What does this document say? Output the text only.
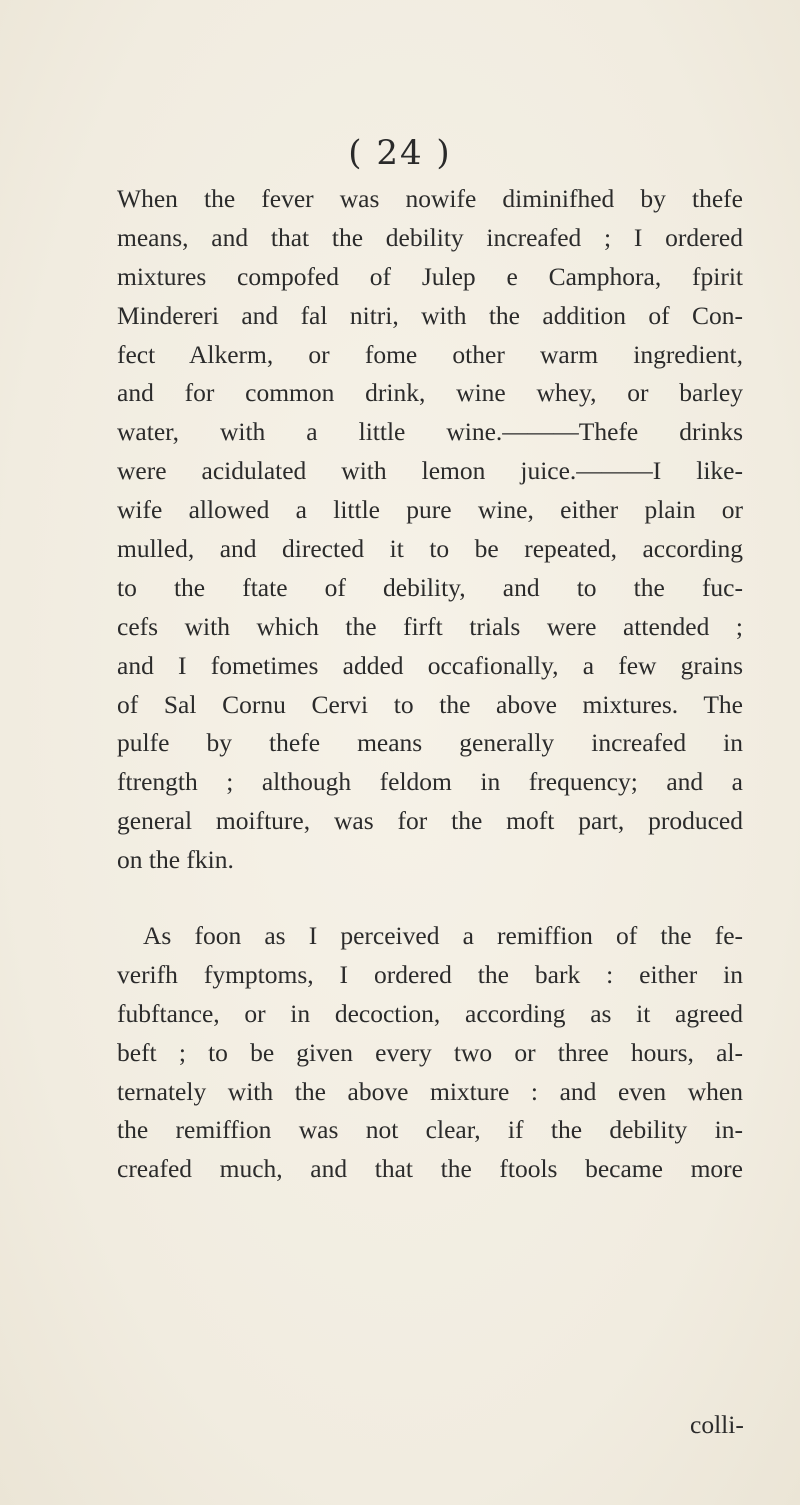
( 24 )
When the fever was nowife diminifhed by thefe
means, and that the debility increafed ; I ordered
mixtures compofed of Julep e Camphora, fpirit
Mindereri and fal nitri, with the addition of Con-
fect Alkerm, or fome other warm ingredient,
and for common drink, wine whey, or barley
water, with a little wine.———Thefe drinks
were acidulated with lemon juice.———I like-
wife allowed a little pure wine, either plain or
mulled, and directed it to be repeated, according
to the ftate of debility, and to the fuc-
cefs with which the firft trials were attended ;
and I fometimes added occafionally, a few grains
of Sal Cornu Cervi to the above mixtures. The
pulfe by thefe means generally increafed in
ftrength ; although feldom in frequency; and a
general moifture, was for the moft part, produced
on the fkin.
As foon as I perceived a remiffion of the fe-
verifh fymptoms, I ordered the bark : either in
fubftance, or in decoction, according as it agreed
beft ; to be given every two or three hours, al-
ternately with the above mixture : and even when
the remiffion was not clear, if the debility in-
creafed much, and that the ftools became more
colli-
